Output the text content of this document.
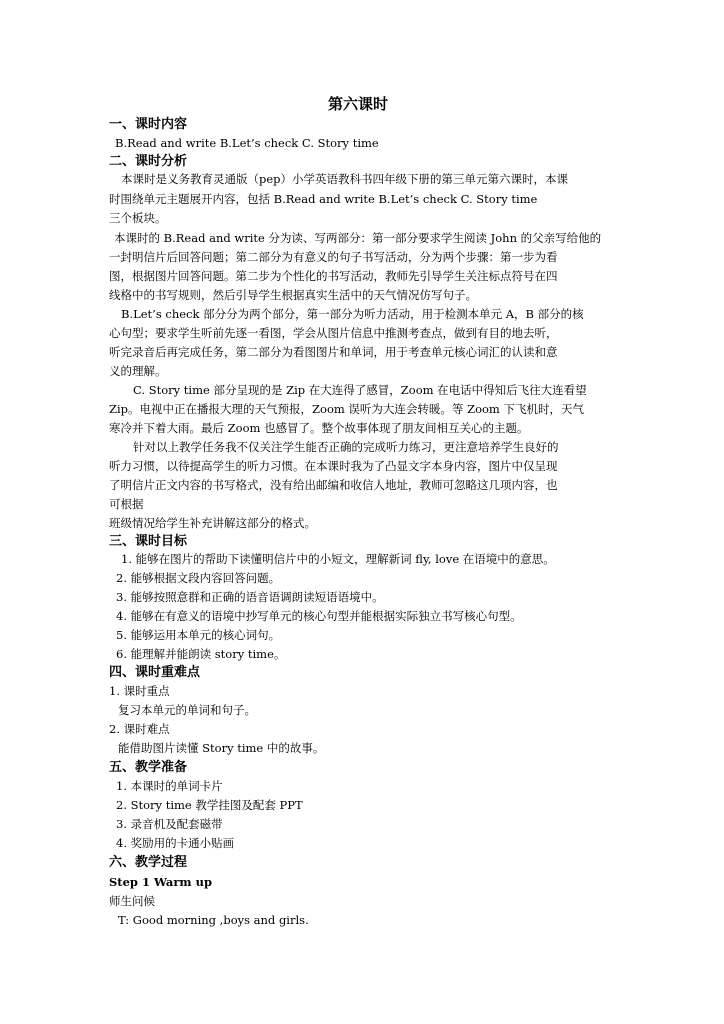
第六课时
一、课时内容
B.Read and write B.Let’s check C. Story time
二、课时分析
本课时是义务教育灵通版（pep）小学英语教科书四年级下册的第三单元第六课时，本课
时围绕单元主题展开内容，包括 B.Read and write B.Let’s check C. Story time
三个板块。
本课时的 B.Read and write 分为读、写两部分：第一部分要求学生阅读 John 的父亲写给他的
一封明信片后回答问题；第二部分为有意义的句子书写活动，分为两个步骤：第一步为看
图，根据图片回答问题。第二步为个性化的书写活动，教师先引导学生关注标点符号在四
线格中的书写规则，然后引导学生根据真实生活中的天气情况仿写句子。
B.Let’s check 部分分为两个部分，第一部分为听力活动，用于检测本单元 A，B 部分的核
心句型；要求学生听前先逐一看图，学会从图片信息中推测考查点，做到有目的地去听，
听完录音后再完成任务，第二部分为看图图片和单词，用于考查单元核心词汇的认读和意
义的理解。
C. Story time 部分呈现的是 Zip 在大连得了感冒，Zoom 在电话中得知后飞往大连看望
Zip。电视中正在播报大理的天气预报，Zoom 误听为大连会转暖。等 Zoom 下飞机时，天气
寒冷并下着大雨。最后 Zoom 也感冒了。整个故事体现了朋友间相互关心的主题。
针对以上教学任务我不仅关注学生能否正确的完成听力练习，更注意培养学生良好的
听力习惯，以待提高学生的听力习惯。在本课时我为了凸显文字本身内容，图片中仅呈现
了明信片正文内容的书写格式，没有给出邮编和收信人地址，教师可忽略这几项内容，也
可根据
班级情况给学生补充讲解这部分的格式。
三、课时目标
1. 能够在图片的帮助下读懂明信片中的小短文，理解新词 fly, love 在语境中的意思。
2. 能够根据文段内容回答问题。
3. 能够按照意群和正确的语音语调朗读短语语境中。
4. 能够在有意义的语境中抄写单元的核心句型并能根据实际独立书写核心句型。
5. 能够运用本单元的核心词句。
6. 能理解并能朗读 story time。
四、课时重难点
1. 课时重点
复习本单元的单词和句子。
2. 课时难点
能借助图片读懂 Story time 中的故事。
五、教学准备
1. 本课时的单词卡片
2. Story time 教学挂图及配套 PPT
3. 录音机及配套磁带
4. 奖励用的卡通小贴画
六、教学过程
Step 1 Warm up
师生问候
T: Good morning ,boys and girls.
